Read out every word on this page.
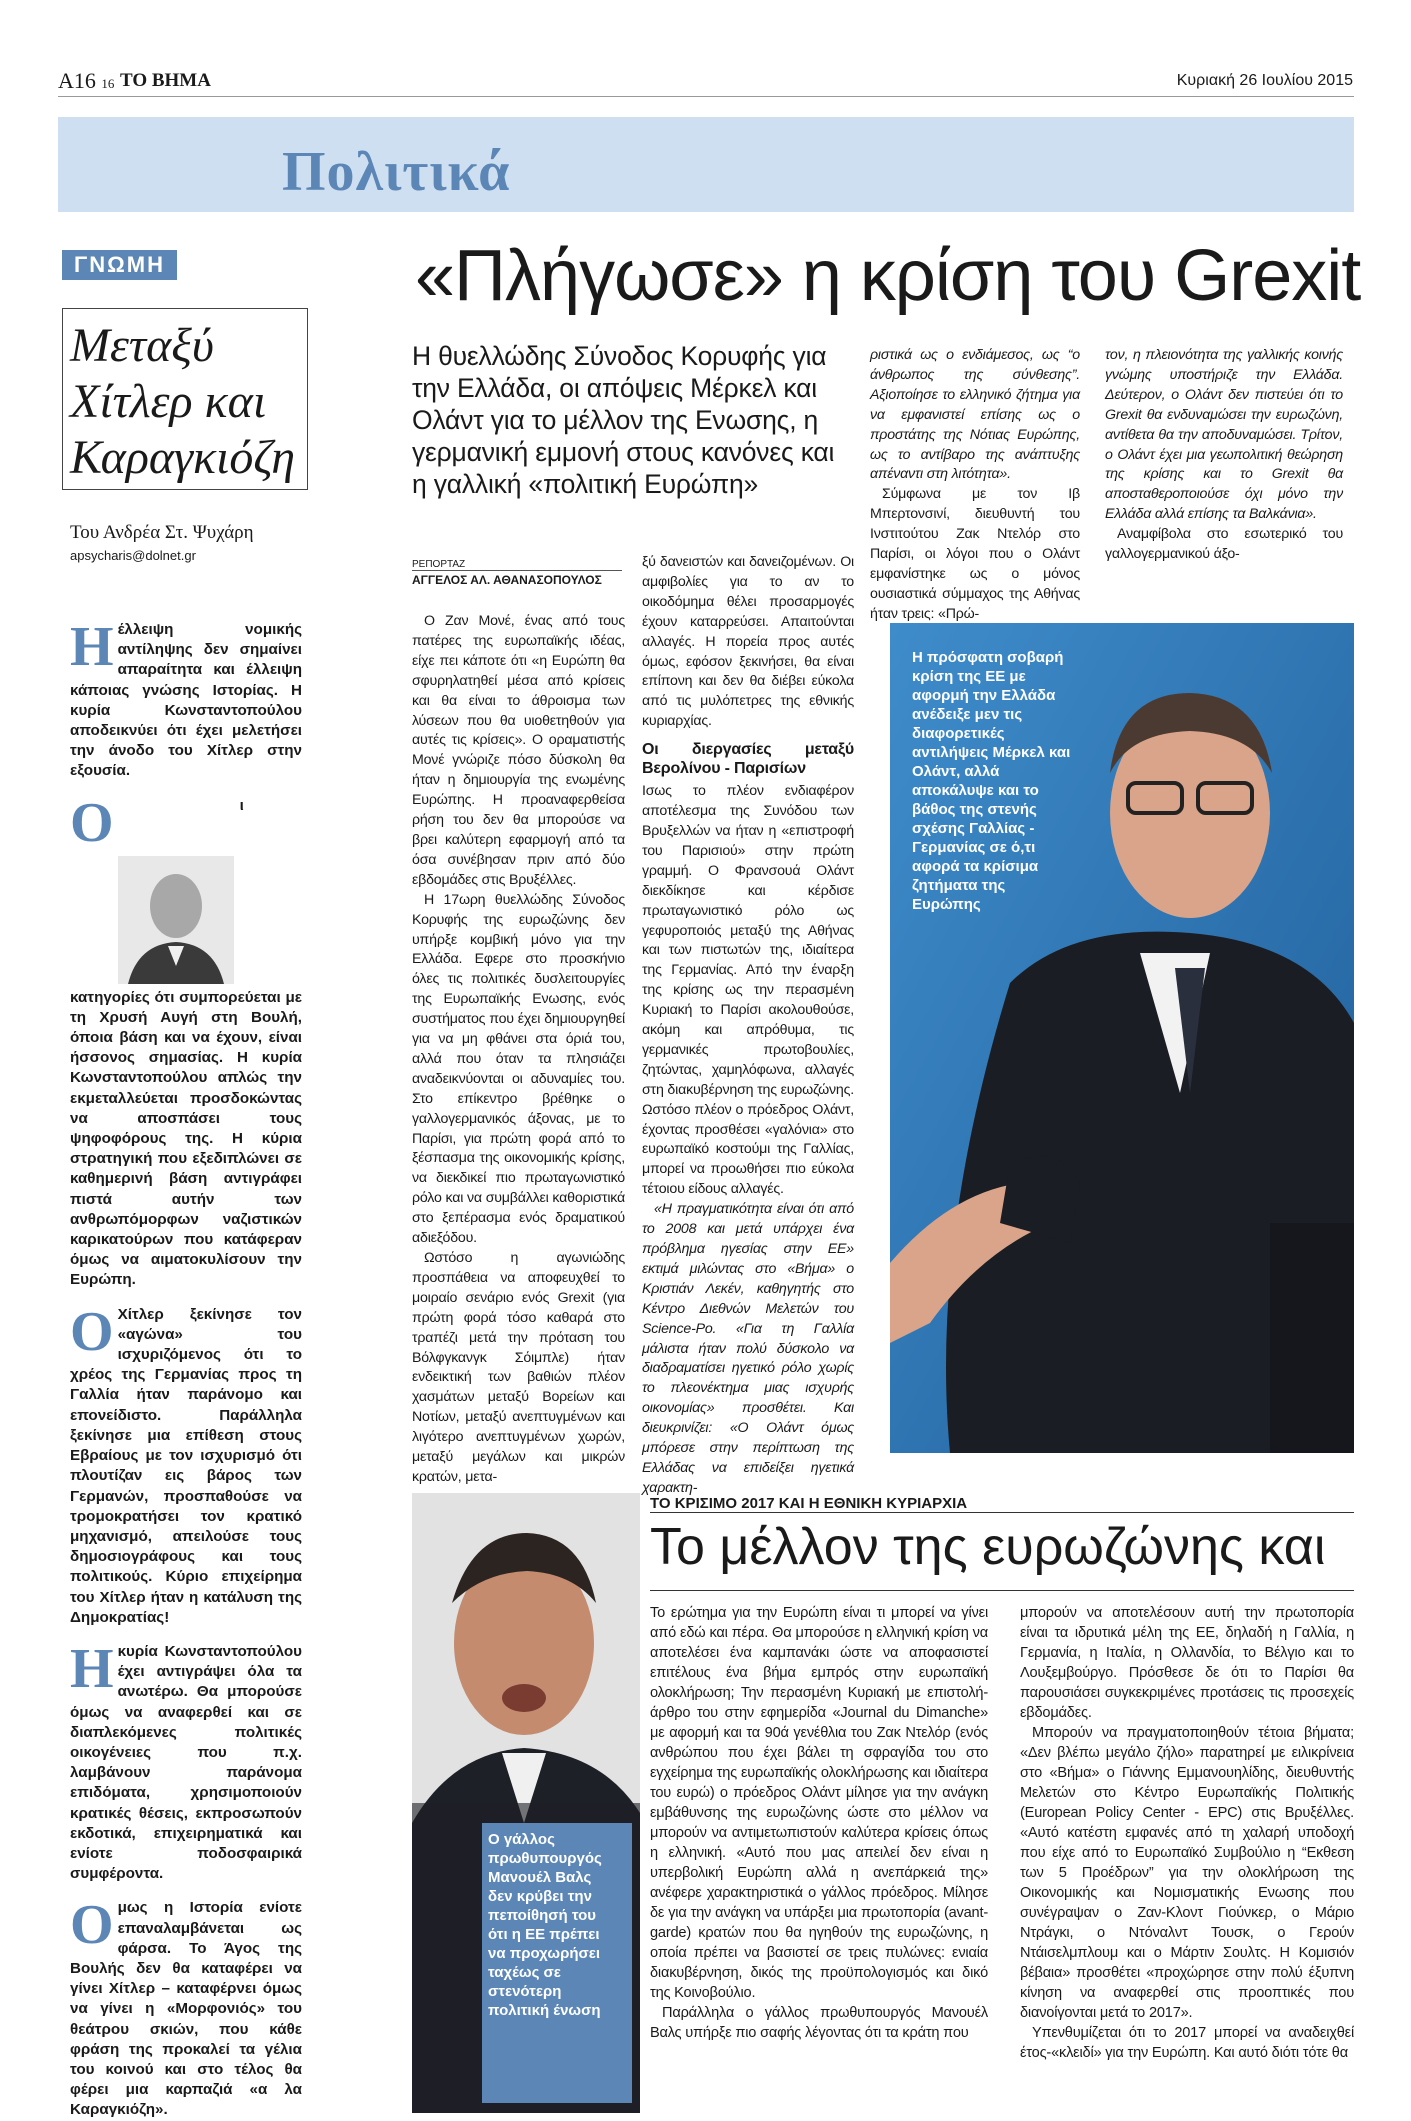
A16 16 ΤΟ ΒΗΜΑ	Κυριακή 26 Ιουλίου 2015
Πολιτικά
ΓΝΩΜΗ
Μεταξύ Χίτλερ και Καραγκιόζη
Του Ανδρέα Στ. Ψυχάρη
apsycharis@dolnet.gr

Ηέλλειψη νομικής αντίληψης δεν σημαίνει απαραίτητα και έλλειψη κάποιας γνώσης Ιστορίας. Η κυρία Κωνσταντοπούλου αποδεικνύει ότι έχει μελετήσει την άνοδο του Χίτλερ στην εξουσία.

Ο	ι κατηγορίες ότι συμπορεύεται με τη Χρυσή Αυγή στη Βουλή, όποια βάση και να έχουν, είναι ήσσονος σημασίας. Η κυρία Κωνσταντοπούλου απλώς την εκμεταλλεύεται προσδοκώντας να αποσπάσει τους ψηφοφόρους της. Η κύρια στρατηγική που εξεδιπλώνει σε καθημερινή βάση αντιγράφει πιστά αυτήν των ανθρωπόμορφων ναζιστικών καρικατούρων που κατάφεραν όμως να αιματοκυλίσουν την Ευρώπη.

Ο Χίτλερ ξεκίνησε τον «αγώνα» του ισχυριζόμενος ότι το χρέος της Γερμανίας προς τη Γαλλία ήταν παράνομο και επονείδιστο. Παράλληλα ξεκίνησε μια επίθεση στους Εβραίους με τον ισχυρισμό ότι πλουτίζαν εις βάρος των Γερμανών, προσπαθούσε να τρομοκρατήσει τον κρατικό μηχανισμό, απειλούσε τους δημοσιογράφους και τους πολιτικούς. Κύριο επιχείρημα του Χίτλερ ήταν η κατάλυση της Δημοκρατίας!

Ηκυρία Κωνσταντοπούλου έχει αντιγράψει όλα τα ανωτέρω. Θα μπορούσε όμως να αναφερθεί και σε διαπλεκόμενες πολιτικές οικογένειες που π.χ. λαμβάνουν παράνομα επιδόματα, χρησιμοποιούν κρατικές θέσεις, εκπροσωπούν εκδοτικά, επιχειρηματικά και ενίοτε ποδοσφαιρικά συμφέροντα.

Ομως η Ιστορία ενίοτε επαναλαμβάνεται ως φάρσα. Το Άγος της Βουλής δεν θα καταφέρει να γίνει Χίτλερ – καταφέρνει όμως να γίνει η «Μορφονιός» του θεάτρου σκιών, που κάθε φράση της προκαλεί τα γέλια του κοινού και στο τέλος θα φέρει μια καρπαζιά «α λα Καραγκιόζη».

«Πλήγωσε» η κρίση του Grexit
Η θυελλώδης Σύνοδος Κορυφής για την Ελλάδα, οι απόψεις Μέρκελ και Ολάντ για το μέλλον της Ενωσης, η γερμανική εμμονή στους κανόνες και η γαλλική «πολιτική Ευρώπη»
ΡΕΠΟΡΤΑΖ
ΑΓΓΕΛΟΣ ΑΛ. ΑΘΑΝΑΣΟΠΟΥΛΟΣ

Ο Ζαν Μονέ, ένας από τους πατέρες της ευρωπαϊκής ιδέας, είχε πει κάποτε ότι «η Ευρώπη θα σφυρηλατηθεί μέσα από κρίσεις και θα είναι το άθροισμα των λύσεων που θα υιοθετηθούν για αυτές τις κρίσεις». Ο οραματιστής Μονέ γνώριζε πόσο δύσκολη θα ήταν η δημιουργία της ενωμένης Ευρώπης. Η προαναφερθείσα ρήση του δεν θα μπορούσε να βρει καλύτερη εφαρμογή από τα όσα συνέβησαν πριν από δύο εβδομάδες στις Βρυξέλλες.

Η 17ωρη θυελλώδης Σύνοδος Κορυφής της ευρωζώνης δεν υπήρξε κομβική μόνο για την Ελλάδα. Εφερε στο προσκήνιο όλες τις πολιτικές δυσλειτουργίες της Ευρωπαϊκής Ενωσης, ενός συστήματος που έχει δημιουργηθεί για να μη φθάνει στα όριά του, αλλά που όταν τα πλησιάζει αναδεικνύονται οι αδυναμίες του. Στο επίκεντρο βρέθηκε ο γαλλογερμανικός άξονας, με το Παρίσι, για πρώτη φορά από το ξέσπασμα της οικονομικής κρίσης, να διεκδικεί πιο πρωταγωνιστικό ρόλο και να συμβάλλει καθοριστικά στο ξεπέρασμα ενός δραματικού αδιεξόδου.

Ωστόσο η αγωνιώδης προσπάθεια να αποφευχθεί το μοιραίο σενάριο ενός Grexit (για πρώτη φορά τόσο καθαρά στο τραπέζι μετά την πρόταση του Βόλφγκανγκ Σόιμπλε) ήταν ενδεικτική των βαθιών πλέον χασμάτων μεταξύ Βορείων και Νοτίων, μεταξύ ανεπτυγμένων και λιγότερο ανεπτυγμένων χωρών, μεταξύ μεγάλων και μικρών κρατών, μετα-

ξύ δανειστών και δανειζομένων. Οι αμφιβολίες για το αν το οικοδόμημα θέλει προσαρμογές έχουν καταρρεύσει. Απαιτούνται αλλαγές. Η πορεία προς αυτές όμως, εφόσον ξεκινήσει, θα είναι επίπονη και δεν θα διέβει εύκολα από τις μυλόπετρες της εθνικής κυριαρχίας.

Οι διεργασίες μεταξύ Βερολίνου - Παρισίων

Ισως το πλέον ενδιαφέρον αποτέλεσμα της Συνόδου των Βρυξελλών να ήταν η «επιστροφή του Παρισιού» στην πρώτη γραμμή. Ο Φρανσουά Ολάντ διεκδίκησε και κέρδισε πρωταγωνιστικό ρόλο ως γεφυροποιός μεταξύ της Αθήνας και των πιστωτών της, ιδιαίτερα της Γερμανίας. Από την έναρξη της κρίσης ως την περασμένη Κυριακή το Παρίσι ακολουθούσε, ακόμη και απρόθυμα, τις γερμανικές πρωτοβουλίες, ζητώντας, χαμηλόφωνα, αλλαγές στη διακυβέρνηση της ευρωζώνης. Ωστόσο πλέον ο πρόεδρος Ολάντ, έχοντας προσθέσει «γαλόνια» στο ευρωπαϊκό κοστούμι της Γαλλίας, μπορεί να προωθήσει πιο εύκολα τέτοιου είδους αλλαγές.

«Η πραγματικότητα είναι ότι από το 2008 και μετά υπάρχει ένα πρόβλημα ηγεσίας στην ΕΕ» εκτιμά μιλώντας στο «Βήμα» ο Κριστιάν Λεκέν, καθηγητής στο Κέντρο Διεθνών Μελετών του Science-Po. «Για τη Γαλλία μάλιστα ήταν πολύ δύσκολο να διαδραματίσει ηγετικό ρόλο χωρίς το πλεονέκτημα μιας ισχυρής οικονομίας» προσθέτει. Και διευκρινίζει: «Ο Ολάντ όμως μπόρεσε στην περίπτωση της Ελλάδας να επιδείξει ηγετικά χαρακτη-

ριστικά ως ο ενδιάμεσος, ως “ο άνθρωπος της σύνθεσης”. Αξιοποίησε το ελληνικό ζήτημα για να εμφανιστεί επίσης ως ο προστάτης της Νότιας Ευρώπης, ως το αντίβαρο της ανάπτυξης απέναντι στη λιτότητα».

Σύμφωνα με τον Ιβ Μπερτονσινί, διευθυντή του Ινστιτούτου Ζακ Ντελόρ στο Παρίσι, οι λόγοι που ο Ολάντ εμφανίστηκε ως ο μόνος ουσιαστικά σύμμαχος της Αθήνας ήταν τρεις: «Πρώ-

τον, η πλειονότητα της γαλλικής κοινής γνώμης υποστήριζε την Ελλάδα. Δεύτερον, ο Ολάντ δεν πιστεύει ότι το Grexit θα ενδυναμώσει την ευρωζώνη, αντίθετα θα την αποδυναμώσει. Τρίτον, ο Ολάντ έχει μια γεωπολιτική θεώρηση της κρίσης και το Grexit θα αποσταθεροποιούσε όχι μόνο την Ελλάδα αλλά επίσης τα Βαλκάνια».

Αναμφίβολα στο εσωτερικό του γαλλογερμανικού άξο-

Η πρόσφατη σοβαρή κρίση της ΕΕ με αφορμή την Ελλάδα ανέδειξε μεν τις διαφορετικές αντιλήψεις Μέρκελ και Ολάντ, αλλά αποκάλυψε και το βάθος της στενής σχέσης Γαλλίας - Γερμανίας σε ό,τι αφορά τα κρίσιμα ζητήματα της Ευρώπης
Ο γάλλος πρωθυπουργός Μανουέλ Βαλς δεν κρύβει την πεποίθησή του ότι η ΕΕ πρέπει να προχωρήσει ταχέως σε στενότερη πολιτική ένωση
ΤΟ ΚΡΙΣΙΜΟ 2017 ΚΑΙ Η ΕΘΝΙΚΗ ΚΥΡΙΑΡΧΙΑ
Το μέλλον της ευρωζώνης και

Το ερώτημα για την Ευρώπη είναι τι μπορεί να γίνει από εδώ και πέρα. Θα μπορούσε η ελληνική κρίση να αποτελέσει ένα καμπανάκι ώστε να αποφασιστεί επιτέλους ένα βήμα εμπρός στην ευρωπαϊκή ολοκλήρωση; Την περασμένη Κυριακή με επιστολή-άρθρο του στην εφημερίδα «Journal du Dimanche» με αφορμή και τα 90ά γενέθλια του Ζακ Ντελόρ (ενός ανθρώπου που έχει βάλει τη σφραγίδα του στο εγχείρημα της ευρωπαϊκής ολοκλήρωσης και ιδιαίτερα του ευρώ) ο πρόεδρος Ολάντ μίλησε για την ανάγκη εμβάθυνσης της ευρωζώνης ώστε στο μέλλον να μπορούν να αντιμετωπιστούν καλύτερα κρίσεις όπως η ελληνική. «Αυτό που μας απειλεί δεν είναι η υπερβολική Ευρώπη αλλά η ανεπάρκειά της» ανέφερε χαρακτηριστικά ο γάλλος πρόεδρος. Μίλησε δε για την ανάγκη να υπάρξει μια πρωτοπορία (avant-garde) κρατών που θα ηγηθούν της ευρωζώνης, η οποία πρέπει να βασιστεί σε τρεις πυλώνες: ενιαία διακυβέρνηση, δικός της προϋπολογισμός και δικό της Κοινοβούλιο.

Παράλληλα ο γάλλος πρωθυπουργός Μανουέλ Βαλς υπήρξε πιο σαφής λέγοντας ότι τα κράτη που

μπορούν να αποτελέσουν αυτή την πρωτοπορία είναι τα ιδρυτικά μέλη της ΕΕ, δηλαδή η Γαλλία, η Γερμανία, η Ιταλία, η Ολλανδία, το Βέλγιο και το Λουξεμβούργο. Πρόσθεσε δε ότι το Παρίσι θα παρουσιάσει συγκεκριμένες προτάσεις τις προσεχείς εβδομάδες.

Μπορούν να πραγματοποιηθούν τέτοια βήματα; «Δεν βλέπω μεγάλο ζήλο» παρατηρεί με ειλικρίνεια στο «Βήμα» ο Γιάννης Εμμανουηλίδης, διευθυντής Μελετών στο Κέντρο Ευρωπαϊκής Πολιτικής (European Policy Center - EPC) στις Βρυξέλλες. «Αυτό κατέστη εμφανές από τη χαλαρή υποδοχή που είχε από το Ευρωπαϊκό Συμβούλιο η “Εκθεση των 5 Προέδρων” για την ολοκλήρωση της Οικονομικής και Νομισματικής Ενωσης που συνέγραψαν ο Ζαν-Κλοντ Γιούνκερ, ο Μάριο Ντράγκι, ο Ντόναλντ Τουσκ, ο Γερούν Ντάισελμπλουμ και ο Μάρτιν Σουλτς. Η Κομισιόν βέβαια» προσθέτει «προχώρησε στην πολύ έξυπνη κίνηση να αναφερθεί στις προοπτικές που διανοίγονται μετά το 2017».

Υπενθυμίζεται ότι το 2017 μπορεί να αναδειχθεί έτος-«κλειδί» για την Ευρώπη. Και αυτό διότι τότε θα
